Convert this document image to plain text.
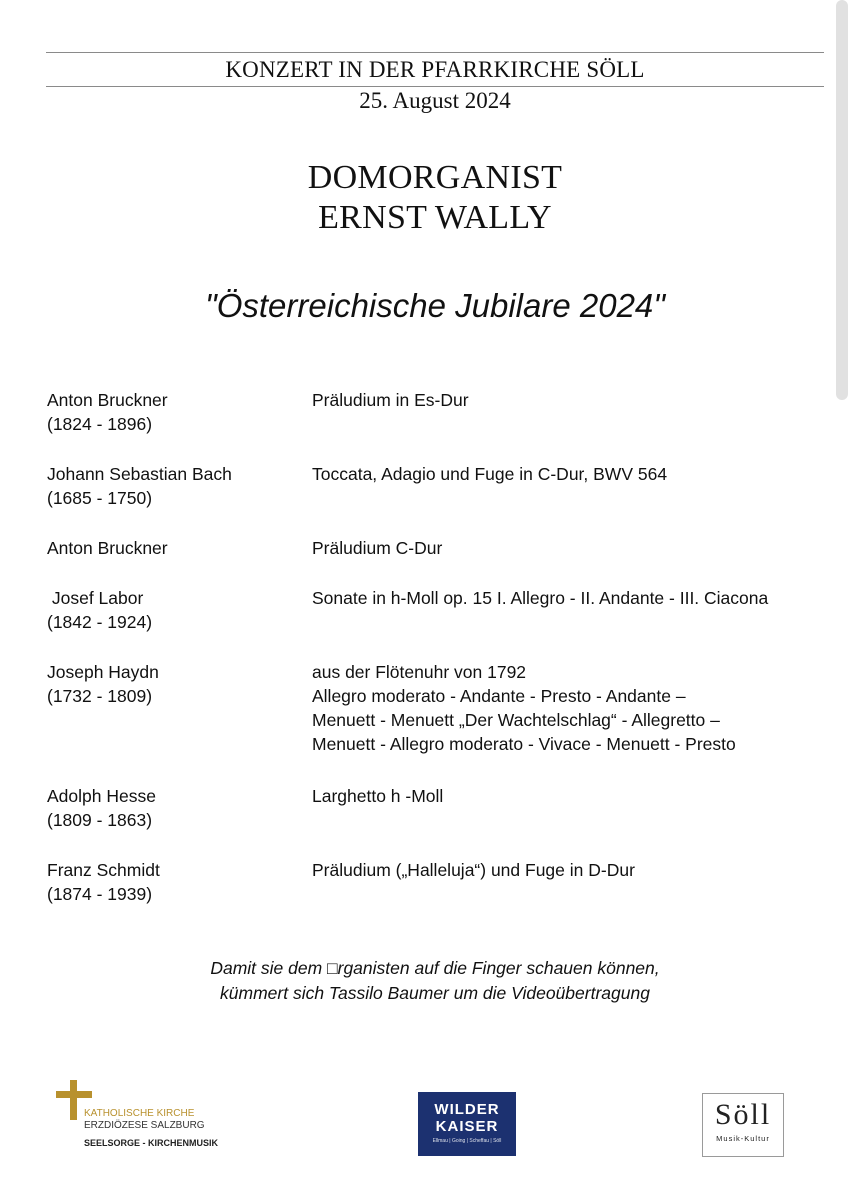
KONZERT IN DER PFARRKIRCHE SÖLL
25. August 2024
DOMORGANIST
ERNST WALLY
"Österreichische Jubilare 2024"
Anton Bruckner
(1824 - 1896)
Präludium in Es-Dur
Johann Sebastian Bach
(1685 - 1750)
Toccata, Adagio und Fuge in C-Dur, BWV 564
Anton Bruckner	Präludium C-Dur
Josef Labor
(1842 - 1924)
Sonate in h-Moll op. 15 I. Allegro - II. Andante - III. Ciacona
Joseph Haydn
(1732 - 1809)
aus der Flötenuhr von 1792
Allegro moderato - Andante - Presto - Andante –
Menuett - Menuett „Der Wachtelschlag“ - Allegretto –
Menuett - Allegro moderato - Vivace - Menuett - Presto
Adolph Hesse
(1809 - 1863)
Larghetto h -Moll
Franz Schmidt
(1874 - 1939)
Präludium („Halleluja“) und Fuge in D-Dur
Damit sie dem □rganisten auf die Finger schauen können,
kümmert sich Tassilo Baumer um die Videoübertragung
KATHOLISCHE KIRCHE
ERZDIÖZESE SALZBURG
SEELSORGE - KIRCHENMUSIK
WILDER
KAISER
Ellmau | Going | Scheffau | Söll
Söll
Musik-Kultur
